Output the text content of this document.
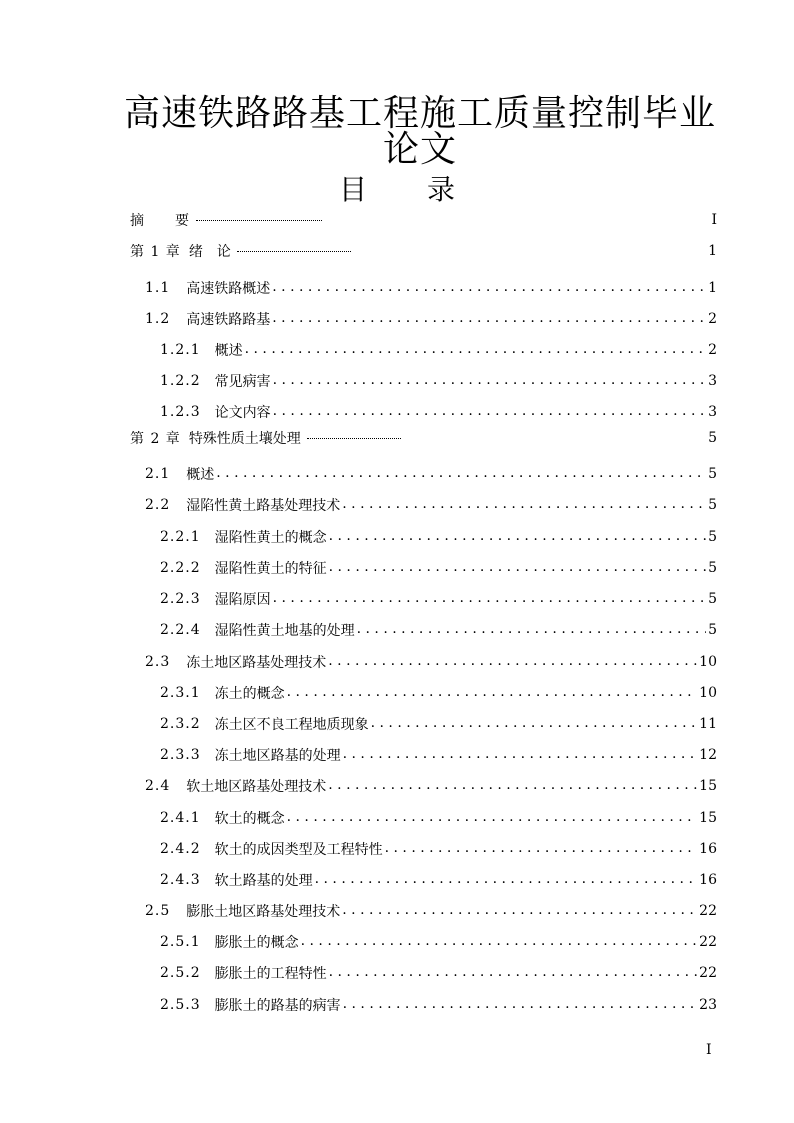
高速铁路路基工程施工质量控制毕业
论文
目 录
摘　　要	I
第 1 章 绪　论	1
1.1 高速铁路概述 . . .	1
1.2 高速铁路路基 . . .	2
1.2.1 概述 . . .	2
1.2.2 常见病害 . . .	3
1.2.3 论文内容 . . .	3
第 2 章 特殊性质土壤处理	5
2.1 概述 . . .	5
2.2 湿陷性黄土路基处理技术 . . .	5
2.2.1 湿陷性黄土的概念 . . .	5
2.2.2 湿陷性黄土的特征 . . .	5
2.2.3 湿陷原因 . . .	5
2.2.4 湿陷性黄土地基的处理 . . .	5
2.3 冻土地区路基处理技术 . . .	10
2.3.1 冻土的概念 . . .	10
2.3.2 冻土区不良工程地质现象 . . .	11
2.3.3 冻土地区路基的处理 . . .	12
2.4 软土地区路基处理技术 . . .	15
2.4.1 软土的概念 . . .	15
2.4.2 软土的成因类型及工程特性 . . .	16
2.4.3 软土路基的处理 . . .	16
2.5 膨胀土地区路基处理技术 . . .	22
2.5.1 膨胀土的概念 . . .	22
2.5.2 膨胀土的工程特性 . . .	22
2.5.3 膨胀土的路基的病害 . . .	23
I
